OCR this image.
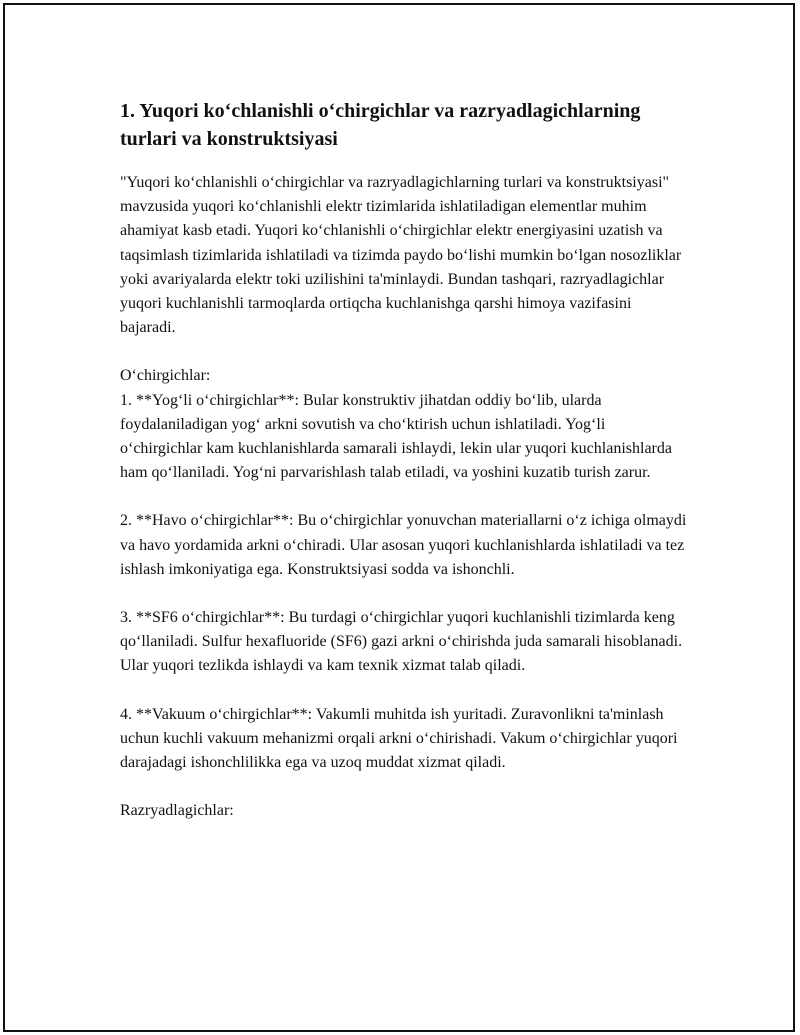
1. Yuqori ko‘chlanishli o‘chirgichlar va razryadlagichlarning turlari va konstruktsiyasi

"Yuqori ko‘chlanishli o‘chirgichlar va razryadlagichlarning turlari va konstruktsiyasi" mavzusida yuqori ko‘chlanishli elektr tizimlarida ishlatiladigan elementlar muhim ahamiyat kasb etadi. Yuqori ko‘chlanishli o‘chirgichlar elektr energiyasini uzatish va taqsimlash tizimlarida ishlatiladi va tizimda paydo bo‘lishi mumkin bo‘lgan nosozliklar yoki avariyalarda elektr toki uzilishini ta'minlaydi. Bundan tashqari, razryadlagichlar yuqori kuchlanishli tarmoqlarda ortiqcha kuchlanishga qarshi himoya vazifasini bajaradi.

O‘chirgichlar:

1. **Yog‘li o‘chirgichlar**: Bular konstruktiv jihatdan oddiy bo‘lib, ularda foydalaniladigan yog‘ arkni sovutish va cho‘ktirish uchun ishlatiladi. Yog‘li o‘chirgichlar kam kuchlanishlarda samarali ishlaydi, lekin ular yuqori kuchlanishlarda ham qo‘llaniladi. Yog‘ni parvarishlash talab etiladi, va yoshini kuzatib turish zarur.

2. **Havo o‘chirgichlar**: Bu o‘chirgichlar yonuvchan materiallarni o‘z ichiga olmaydi va havo yordamida arkni o‘chiradi. Ular asosan yuqori kuchlanishlarda ishlatiladi va tez ishlash imkoniyatiga ega. Konstruktsiyasi sodda va ishonchli.

3. **SF6 o‘chirgichlar**: Bu turdagi o‘chirgichlar yuqori kuchlanishli tizimlarda keng qo‘llaniladi. Sulfur hexafluoride (SF6) gazi arkni o‘chirishda juda samarali hisoblanadi. Ular yuqori tezlikda ishlaydi va kam texnik xizmat talab qiladi.

4. **Vakuum o‘chirgichlar**: Vakumli muhitda ish yuritadi. Zuravonlikni ta'minlash uchun kuchli vakuum mehanizmi orqali arkni o‘chirishadi. Vakum o‘chirgichlar yuqori darajadagi ishonchlilikka ega va uzoq muddat xizmat qiladi.

Razryadlagichlar:
